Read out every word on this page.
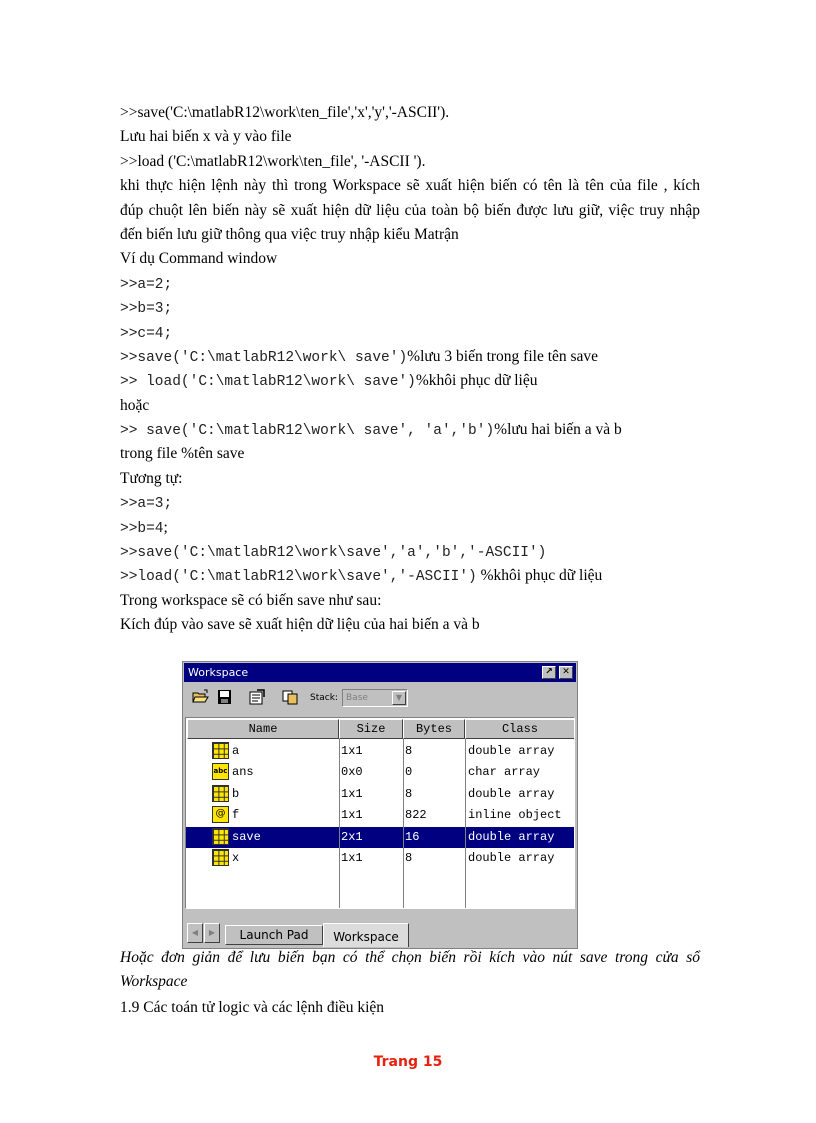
>>save('C:\matlabR12\work\ten_file','x','y','-ASCII').
Lưu hai biến x và y vào file
>>load ('C:\matlabR12\work\ten_file', '-ASCII ').
khi thực hiện lệnh này thì trong Workspace sẽ xuất hiện biến có tên là tên của file , kích
đúp chuột lên biến này sẽ xuất hiện dữ liệu của toàn bộ biến được lưu giữ, việc truy nhập
đến biến lưu giữ thông qua việc truy nhập kiểu Matrận
Ví dụ Command window
>>a=2;
>>b=3;
>>c=4;
>>save('C:\matlabR12\work\ save')%lưu 3 biến trong file tên save
>> load('C:\matlabR12\work\ save')%khôi phục dữ liệu
hoặc
>> save('C:\matlabR12\work\ save', 'a','b')%lưu hai biến a và b
trong file %tên save
Tương tự:
>>a=3;
>>b=4;
>>save('C:\matlabR12\work\save','a','b','-ASCII')
>>load('C:\matlabR12\work\save','-ASCII') %khôi phục dữ liệu
Trong workspace sẽ có biến save như sau:
Kích đúp vào save sẽ xuất hiện dữ liệu của hai biến a và b
Workspace	↗	✕
Stack: Base	▼
Name	Size	Bytes	Class
a	1x1	8	double array
abc ans	0x0	0	char array
b	1x1	8	double array
@ f	1x1	822	inline object
save	2x1	16	double array
x	1x1	8	double array
◀	▶	Launch Pad	Workspace
Hoặc đơn giản để lưu biến bạn có thể chọn biến rồi kích vào nút save trong cửa sổ Workspace
1.9 Các toán tử logic và các lệnh điều kiện
Trang 15
